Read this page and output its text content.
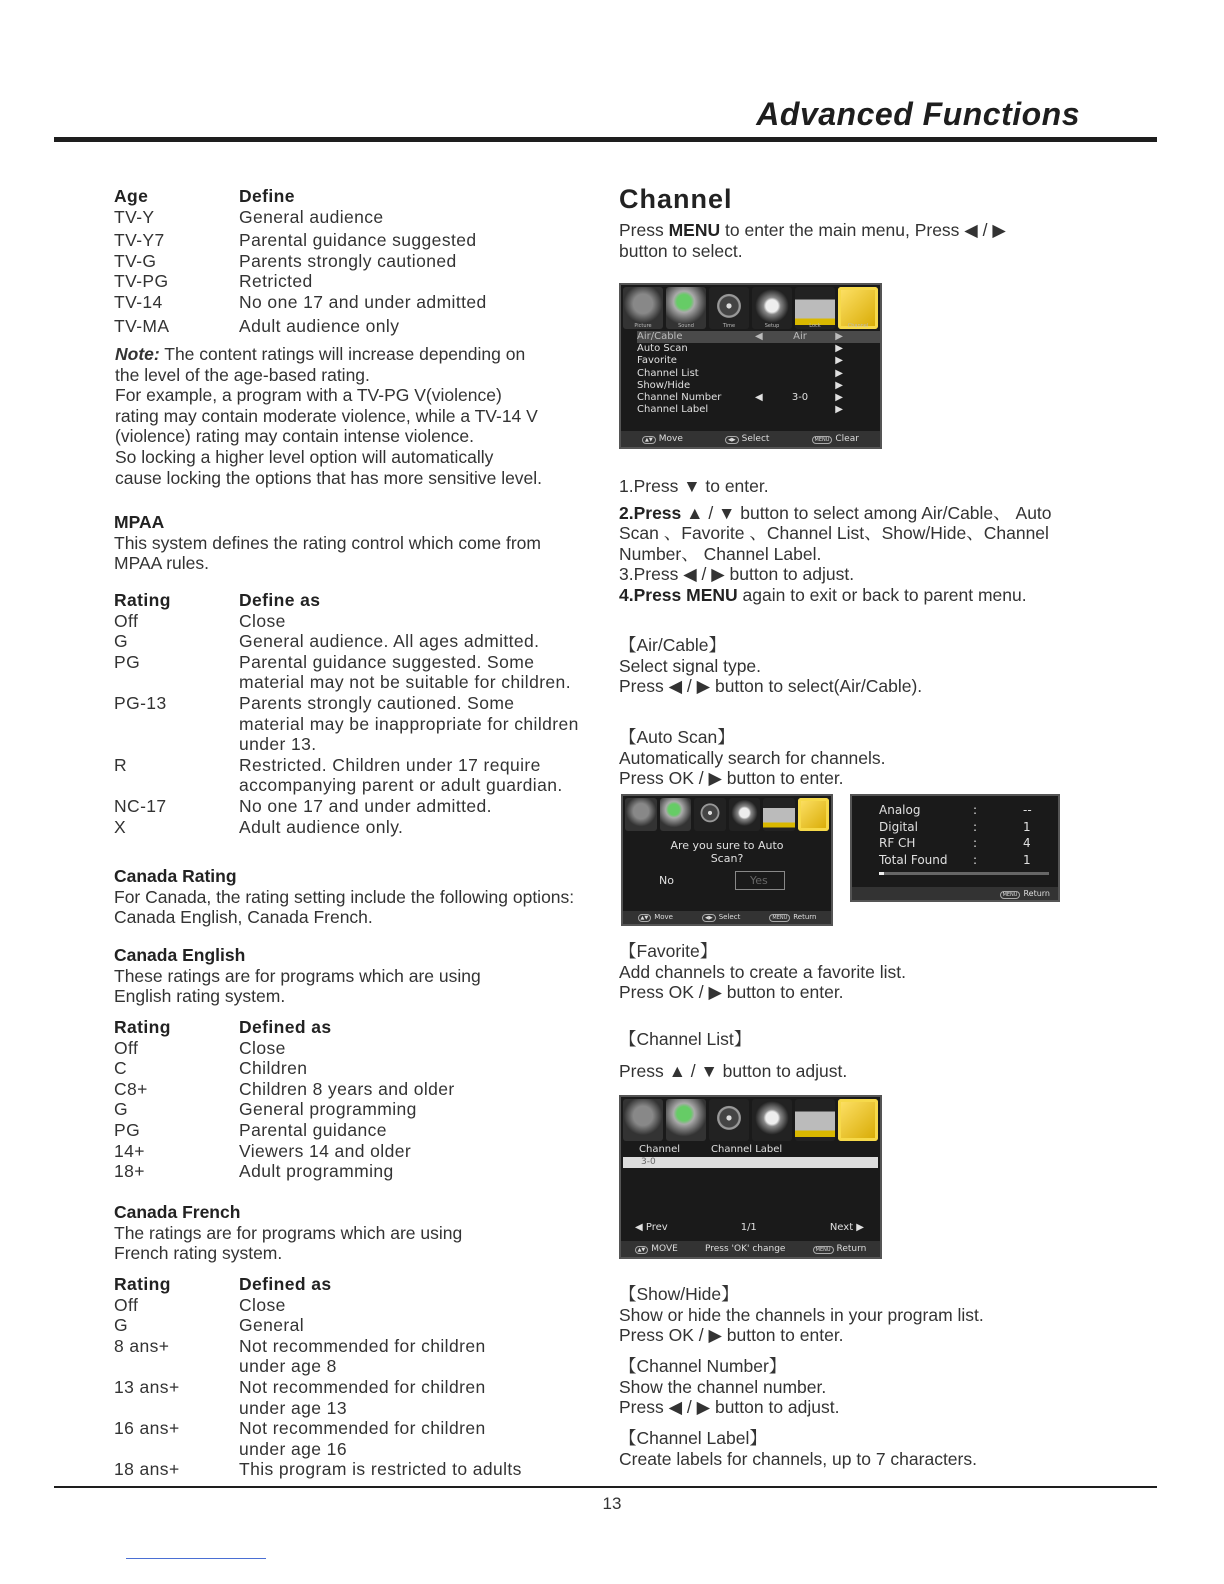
Advanced Functions
Age	Define
TV-Y	General audience
TV-Y7	Parental guidance suggested
TV-G	Parents strongly cautioned
TV-PG	Retricted
TV-14	No one 17 and under admitted
TV-MA	Adult audience only
Note: The content ratings will increase depending on
the level of the age-based rating.
For example, a program with a TV-PG V(violence)
rating may contain moderate violence, while a TV-14 V
(violence) rating may contain intense violence.
So locking a higher level option will automatically
cause locking the options that has more sensitive level.
MPAA
This system defines the rating control which come from
MPAA rules.
Rating	Define as
Off	Close
G	General audience. All ages admitted.
PG	Parental guidance suggested. Some
material may not be suitable for children.
PG-13	Parents strongly cautioned. Some
material may be inappropriate for children
under 13.
R	Restricted. Children under 17 require
accompanying parent or adult guardian.
NC-17	No one 17 and under admitted.
X	Adult audience only.
Canada Rating
For Canada, the rating setting include the following options:
Canada English, Canada French.
Canada English
These ratings are for programs which are using
English rating system.
Rating	Defined as
Off	Close
C	Children
C8+	Children 8 years and older
G	General programming
PG	Parental guidance
14+	Viewers 14 and older
18+	Adult programming
Canada French
The ratings are for programs which are using
French rating system.
Rating	Defined as
Off	Close
G	General
8 ans+	Not recommended for children
under age 8
13 ans+	Not recommended for children
under age 13
16 ans+	Not recommended for children
under age 16
18 ans+	This program is restricted to adults
Channel
Press MENU to enter the main menu, Press ◀ / ▶
button to select.
Picture	Sound	Time	Setup	Lock	Channel
Air/Cable	◀	Air	▶
Auto Scan	▶
Favorite	▶
Channel List	▶
Show/Hide	▶
Channel Number	◀	3-0	▶
Channel Label	▶
▲▼ Move	◀▶ Select	MENU Clear
1.Press ▼ to enter.
2.Press ▲ / ▼ button to select among Air/Cable、 Auto
Scan 、Favorite 、Channel List、Show/Hide、Channel
Number、 Channel Label.
3.Press ◀ / ▶ button to adjust.
4.Press MENU again to exit or back to parent menu.
【Air/Cable】
Select signal type.
Press ◀ / ▶ button to select(Air/Cable).
【Auto Scan】
Automatically search for channels.
Press OK / ▶ button to enter.
Are you sure to Auto Scan?
No	Yes
▲▼ Move	◀▶ Select	MENU Return
Analog	:	--
Digital	:	1
RF CH	:	4
Total Found	:	1
MENU Return
【Favorite】
Add channels to create a favorite list.
Press OK / ▶ button to enter.
【Channel List】
Press ▲ / ▼ button to adjust.
Channel	Channel Label
3-0
◀ Prev	1/1	Next ▶
▲▼ MOVE	Press 'OK' change	MENU Return
【Show/Hide】
Show or hide the channels in your program list.
Press OK / ▶ button to enter.
【Channel Number】
Show the channel number.
Press ◀ / ▶ button to adjust.
【Channel Label】
Create labels for channels, up to 7 characters.
13
